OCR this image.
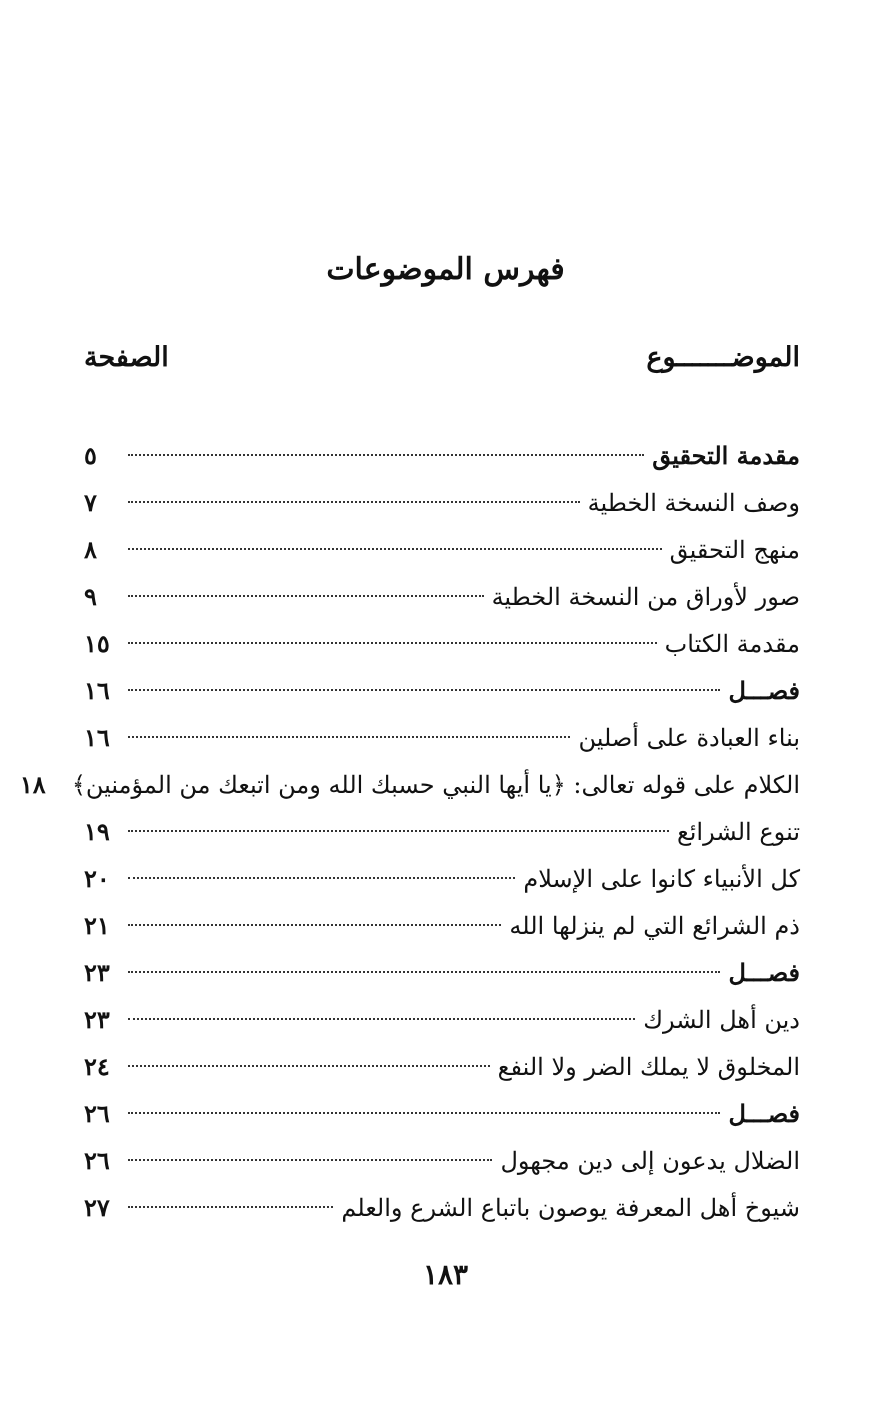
فهرس الموضوعات
الموضـــــــوع
الصفحة
مقدمة التحقيق
٥
وصف النسخة الخطية
٧
منهج التحقيق
٨
صور لأوراق من النسخة الخطية
٩
مقدمة الكتاب
١٥
فصـــل
١٦
بناء العبادة على أصلين
١٦
الكلام على قوله تعالى: ﴿يا أيها النبي حسبك الله ومن اتبعك من المؤمنين﴾
١٨
تنوع الشرائع
١٩
كل الأنبياء كانوا على الإسلام
٢٠
ذم الشرائع التي لم ينزلها الله
٢١
فصـــل
٢٣
دين أهل الشرك
٢٣
المخلوق لا يملك الضر ولا النفع
٢٤
فصـــل
٢٦
الضلال يدعون إلى دين مجهول
٢٦
شيوخ أهل المعرفة يوصون باتباع الشرع والعلم
٢٧
١٨٣
